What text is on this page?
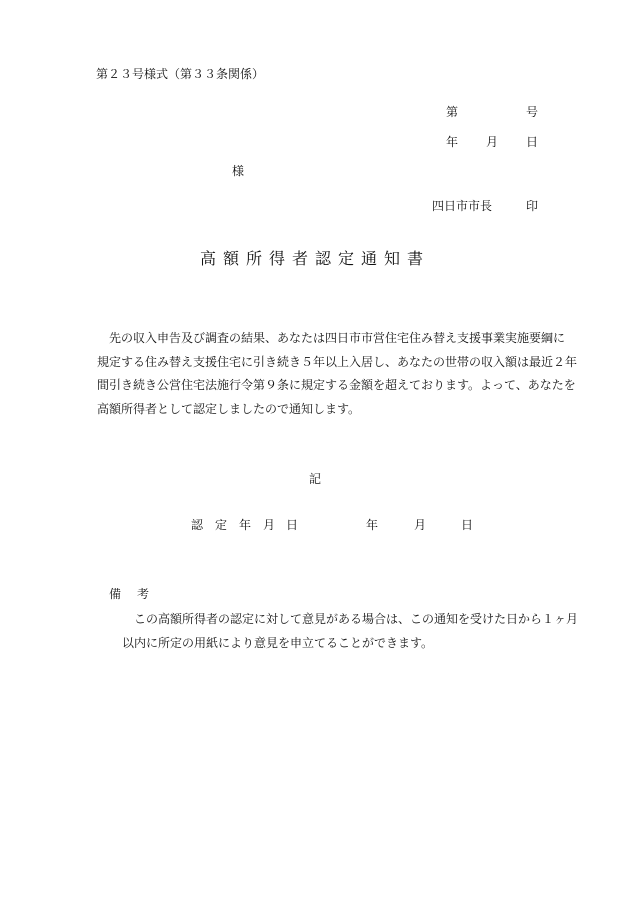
第２３号様式（第３３条関係）
第	号
年 月 日
様
四日市市長	印
高額所得者認定通知書
　先の収入申告及び調査の結果、あなたは四日市市営住宅住み替え支援事業実施要綱に
規定する住み替え支援住宅に引き続き５年以上入居し、あなたの世帯の収入額は最近２年
間引き続き公営住宅法施行令第９条に規定する金額を超えております。よって、あなたを
高額所得者として認定しましたので通知します。
記
認 定 年 月 日	年	月	日
備　考
　この高額所得者の認定に対して意見がある場合は、この通知を受けた日から１ヶ月
以内に所定の用紙により意見を申立てることができます。
